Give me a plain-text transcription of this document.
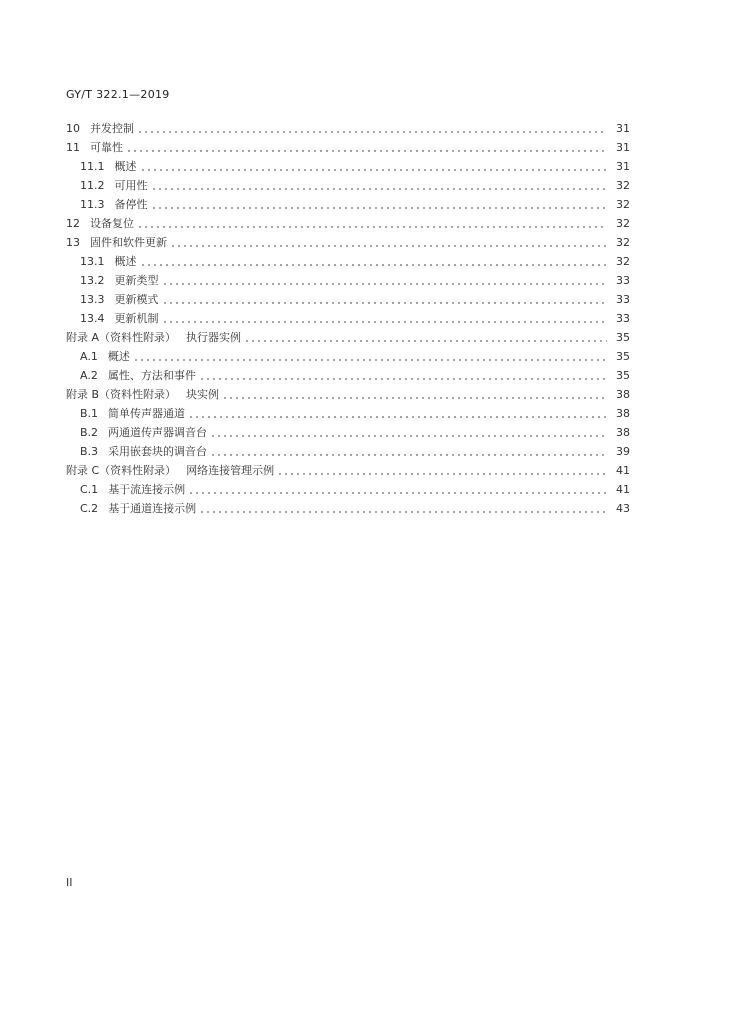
GY/T 322.1—2019
10 并发控制	31
11 可靠性	31
11.1 概述	31
11.2 可用性	32
11.3 备停性	32
12 设备复位	32
13 固件和软件更新	32
13.1 概述	32
13.2 更新类型	33
13.3 更新模式	33
13.4 更新机制	33
附录 A（资料性附录） 执行器实例	35
A.1 概述	35
A.2 属性、方法和事件	35
附录 B（资料性附录） 块实例	38
B.1 简单传声器通道	38
B.2 两通道传声器调音台	38
B.3 采用嵌套块的调音台	39
附录 C（资料性附录） 网络连接管理示例	41
C.1 基于流连接示例	41
C.2 基于通道连接示例	43
II
